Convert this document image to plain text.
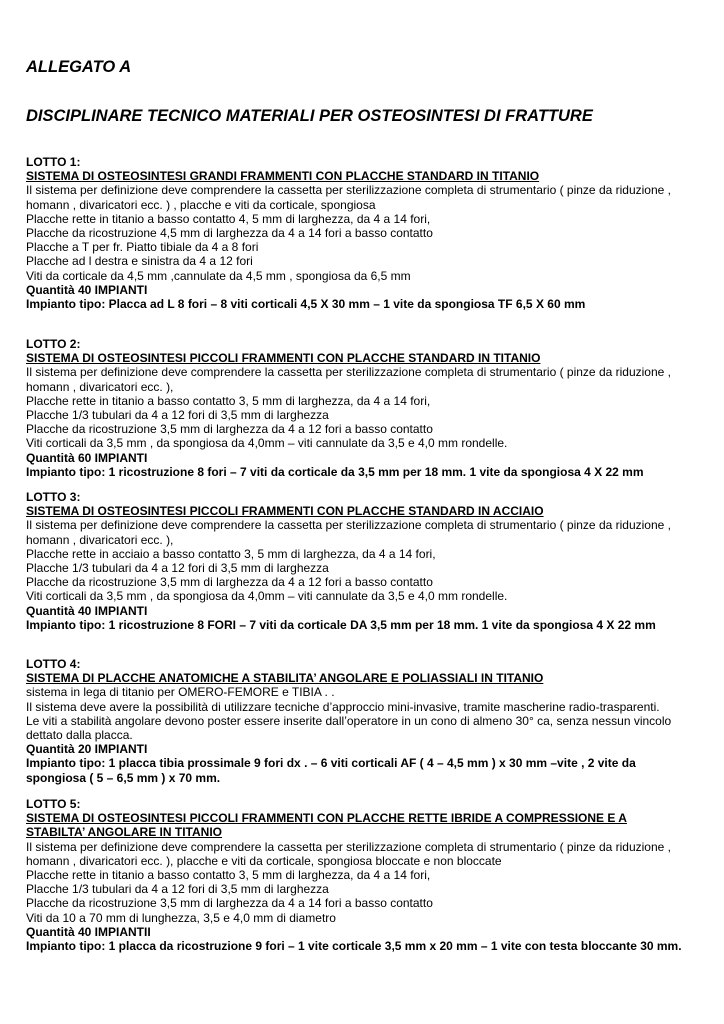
ALLEGATO A
DISCIPLINARE TECNICO MATERIALI PER OSTEOSINTESI DI FRATTURE
LOTTO 1:
SISTEMA DI OSTEOSINTESI GRANDI FRAMMENTI CON PLACCHE STANDARD IN TITANIO
Il sistema per definizione deve comprendere la cassetta per sterilizzazione completa di strumentario ( pinze da riduzione ,
homann , divaricatori ecc. ) , placche e viti da corticale, spongiosa
Placche rette in titanio a basso contatto 4, 5 mm di larghezza, da 4 a 14 fori,
Placche da ricostruzione 4,5 mm di larghezza da 4 a 14 fori a basso contatto
Placche a T per fr. Piatto tibiale da 4 a 8 fori
Placche ad l destra e sinistra da 4 a 12 fori
Viti da corticale da 4,5 mm ,cannulate da 4,5 mm , spongiosa da 6,5 mm
Quantità 40 IMPIANTI
Impianto tipo: Placca ad L 8 fori – 8 viti corticali 4,5 X 30 mm – 1 vite da spongiosa TF 6,5 X 60 mm
LOTTO 2:
SISTEMA DI OSTEOSINTESI PICCOLI FRAMMENTI CON PLACCHE STANDARD IN TITANIO
Il sistema per definizione deve comprendere la cassetta per sterilizzazione completa di strumentario ( pinze da riduzione ,
homann , divaricatori ecc. ),
Placche rette in titanio a basso contatto 3, 5 mm di larghezza, da 4 a 14 fori,
Placche 1/3 tubulari da 4 a 12 fori di 3,5 mm di larghezza
Placche da ricostruzione 3,5 mm di larghezza da 4 a 12 fori a basso contatto
Viti corticali da 3,5 mm , da spongiosa da 4,0mm – viti cannulate da 3,5 e 4,0 mm rondelle.
Quantità 60 IMPIANTI
Impianto tipo: 1 ricostruzione 8 fori – 7 viti da corticale da 3,5 mm per 18 mm. 1 vite da spongiosa 4 X 22 mm
LOTTO 3:
SISTEMA DI OSTEOSINTESI PICCOLI FRAMMENTI CON PLACCHE STANDARD IN ACCIAIO
Il sistema per definizione deve comprendere la cassetta per sterilizzazione completa di strumentario ( pinze da riduzione ,
homann , divaricatori ecc. ),
Placche rette in acciaio a basso contatto 3, 5 mm di larghezza, da 4 a 14 fori,
Placche 1/3 tubulari da 4 a 12 fori di 3,5 mm di larghezza
Placche da ricostruzione 3,5 mm di larghezza da 4 a 12 fori a basso contatto
Viti corticali da 3,5 mm , da spongiosa da 4,0mm – viti cannulate da 3,5 e 4,0 mm rondelle.
Quantità 40 IMPIANTI
Impianto tipo: 1 ricostruzione 8 FORI – 7 viti da corticale DA 3,5 mm per 18 mm. 1 vite da spongiosa 4 X 22 mm
LOTTO 4:
SISTEMA DI PLACCHE ANATOMICHE A STABILITA’ ANGOLARE E POLIASSIALI IN TITANIO
sistema in lega di titanio per OMERO-FEMORE e TIBIA . .
Il sistema deve avere la possibilità di utilizzare tecniche d’approccio mini-invasive, tramite mascherine radio-trasparenti.
Le viti a stabilità angolare devono poster essere inserite dall’operatore in un cono di almeno 30° ca, senza nessun vincolo
dettato dalla placca.
Quantità 20 IMPIANTI
Impianto tipo: 1 placca tibia prossimale 9 fori dx . – 6 viti corticali AF ( 4 – 4,5 mm ) x 30 mm –vite , 2 vite da
spongiosa ( 5 – 6,5 mm ) x 70 mm.
LOTTO 5:
SISTEMA DI OSTEOSINTESI PICCOLI FRAMMENTI CON PLACCHE RETTE IBRIDE A COMPRESSIONE E A
STABILTA’ ANGOLARE IN TITANIO
Il sistema per definizione deve comprendere la cassetta per sterilizzazione completa di strumentario ( pinze da riduzione ,
homann , divaricatori ecc. ), placche e viti da corticale, spongiosa bloccate e non bloccate
Placche rette in titanio a basso contatto 3, 5 mm di larghezza, da 4 a 14 fori,
Placche 1/3 tubulari da 4 a 12 fori di 3,5 mm di larghezza
Placche da ricostruzione 3,5 mm di larghezza da 4 a 14 fori a basso contatto
Viti da 10 a 70 mm di lunghezza, 3,5 e 4,0 mm di diametro
Quantità 40 IMPIANTII
Impianto tipo: 1 placca da ricostruzione 9 fori – 1 vite corticale 3,5 mm x 20 mm – 1 vite con testa bloccante 30 mm.
